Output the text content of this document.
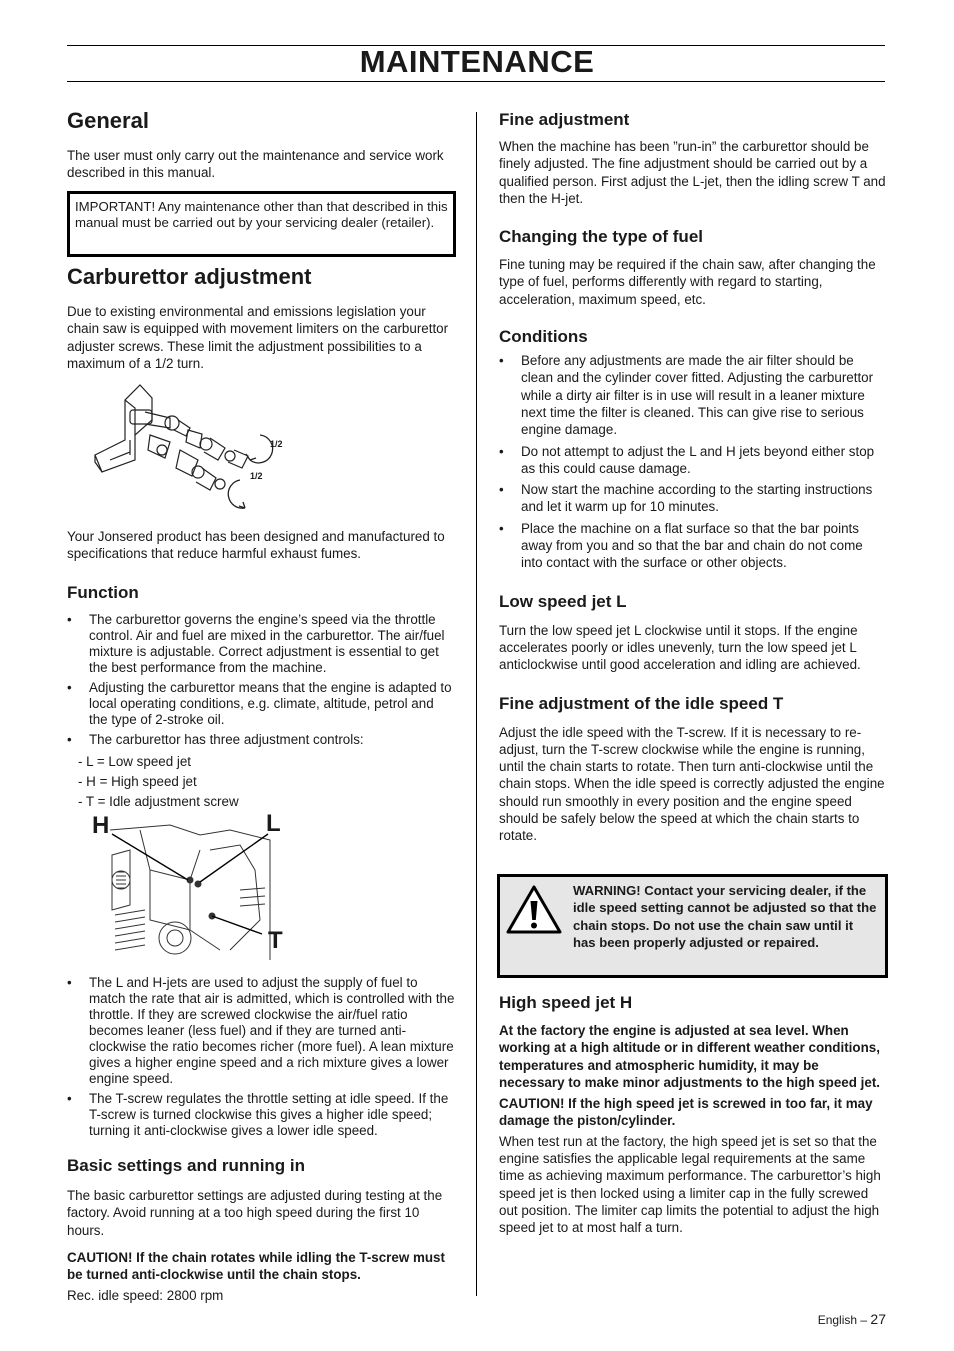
MAINTENANCE
General

The user must only carry out the maintenance and service work described in this manual.

IMPORTANT! Any maintenance other than that described in this manual must be carried out by your servicing dealer (retailer).

Carburettor adjustment

Due to existing environmental and emissions legislation your chain saw is equipped with movement limiters on the carburettor adjuster screws. These limit the adjustment possibilities to a maximum of a 1/2 turn.

1/2
1/2

Your Jonsered product has been designed and manufactured to specifications that reduce harmful exhaust fumes.

Function
• The carburettor governs the engine’s speed via the throttle control. Air and fuel are mixed in the carburettor. The air/fuel mixture is adjustable. Correct adjustment is essential to get the best performance from the machine.
• Adjusting the carburettor means that the engine is adapted to local operating conditions, e.g. climate, altitude, petrol and the type of 2-stroke oil.
• The carburettor has three adjustment controls:

- L = Low speed jet

- H = High speed jet

- T = Idle adjustment screw

H	L
T
• The L and H-jets are used to adjust the supply of fuel to match the rate that air is admitted, which is controlled with the throttle. If they are screwed clockwise the air/fuel ratio becomes leaner (less fuel) and if they are turned anti-clockwise the ratio becomes richer (more fuel). A lean mixture gives a higher engine speed and a rich mixture gives a lower engine speed.
• The T-screw regulates the throttle setting at idle speed. If the T-screw is turned clockwise this gives a higher idle speed; turning it anti-clockwise gives a lower idle speed.
Basic settings and running in

The basic carburettor settings are adjusted during testing at the factory. Avoid running at a too high speed during the first 10 hours.

CAUTION! If the chain rotates while idling the T-screw must be turned anti-clockwise until the chain stops.

Rec. idle speed: 2800 rpm

Fine adjustment

When the machine has been ”run-in” the carburettor should be finely adjusted. The fine adjustment should be carried out by a qualified person. First adjust the L-jet, then the idling screw T and then the H-jet.

Changing the type of fuel

Fine tuning may be required if the chain saw, after changing the type of fuel, performs differently with regard to starting, acceleration, maximum speed, etc.

Conditions
• Before any adjustments are made the air filter should be clean and the cylinder cover fitted. Adjusting the carburettor while a dirty air filter is in use will result in a leaner mixture next time the filter is cleaned. This can give rise to serious engine damage.
• Do not attempt to adjust the L and H jets beyond either stop as this could cause damage.
• Now start the machine according to the starting instructions and let it warm up for 10 minutes.
• Place the machine on a flat surface so that the bar points away from you and so that the bar and chain do not come into contact with the surface or other objects.
Low speed jet L

Turn the low speed jet L clockwise until it stops. If the engine accelerates poorly or idles unevenly, turn the low speed jet L anticlockwise until good acceleration and idling are achieved.

Fine adjustment of the idle speed T

Adjust the idle speed with the T-screw. If it is necessary to re-adjust, turn the T-screw clockwise while the engine is running, until the chain starts to rotate. Then turn anti-clockwise until the chain stops. When the idle speed is correctly adjusted the engine should run smoothly in every position and the engine speed should be safely below the speed at which the chain starts to rotate.

WARNING! Contact your servicing dealer, if the idle speed setting cannot be adjusted so that the chain stops. Do not use the chain saw until it has been properly adjusted or repaired.

High speed jet H

At the factory the engine is adjusted at sea level. When working at a high altitude or in different weather conditions, temperatures and atmospheric humidity, it may be necessary to make minor adjustments to the high speed jet.

CAUTION! If the high speed jet is screwed in too far, it may damage the piston/cylinder.

When test run at the factory, the high speed jet is set so that the engine satisfies the applicable legal requirements at the same time as achieving maximum performance. The carburettor’s high speed jet is then locked using a limiter cap in the fully screwed out position. The limiter cap limits the potential to adjust the high speed jet to at most half a turn.

English – 27
